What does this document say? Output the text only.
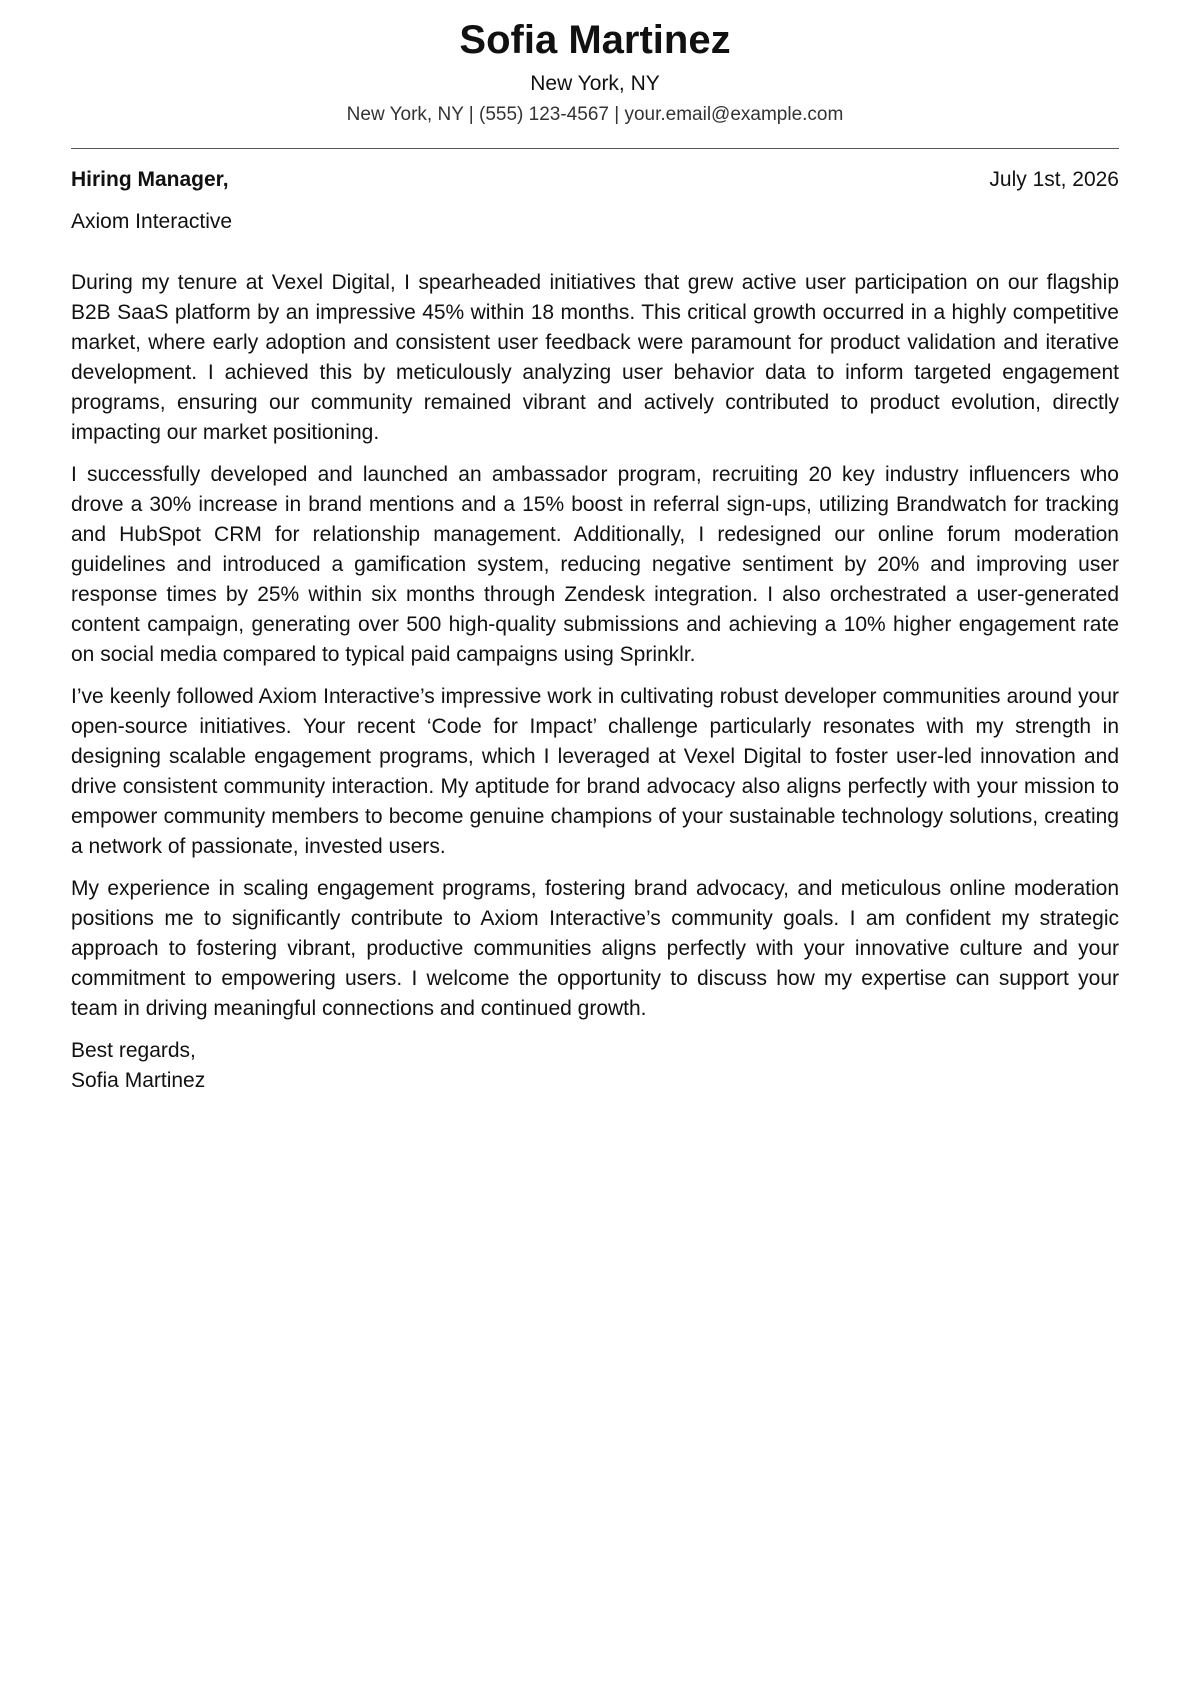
Sofia Martinez
New York, NY
New York, NY | (555) 123-4567 | your.email@example.com
Hiring Manager,	July 1st, 2026
Axiom Interactive

During my tenure at Vexel Digital, I spearheaded initiatives that grew active user participation on our flagship B2B SaaS platform by an impressive 45% within 18 months. This critical growth occurred in a highly competitive market, where early adoption and consistent user feedback were paramount for product validation and iterative development. I achieved this by meticulously analyzing user behavior data to inform targeted engagement programs, ensuring our community remained vibrant and actively contributed to product evolution, directly impacting our market positioning.

I successfully developed and launched an ambassador program, recruiting 20 key industry influencers who drove a 30% increase in brand mentions and a 15% boost in referral sign-ups, utilizing Brandwatch for tracking and HubSpot CRM for relationship management. Additionally, I redesigned our online forum moderation guidelines and introduced a gamification system, reducing negative sentiment by 20% and improving user response times by 25% within six months through Zendesk integration. I also orchestrated a user-generated content campaign, generating over 500 high-quality submissions and achieving a 10% higher engagement rate on social media compared to typical paid campaigns using Sprinklr.

I’ve keenly followed Axiom Interactive’s impressive work in cultivating robust developer communities around your open-source initiatives. Your recent ‘Code for Impact’ challenge particularly resonates with my strength in designing scalable engagement programs, which I leveraged at Vexel Digital to foster user-led innovation and drive consistent community interaction. My aptitude for brand advocacy also aligns perfectly with your mission to empower community members to become genuine champions of your sustainable technology solutions, creating a network of passionate, invested users.

My experience in scaling engagement programs, fostering brand advocacy, and meticulous online moderation positions me to significantly contribute to Axiom Interactive’s community goals. I am confident my strategic approach to fostering vibrant, productive communities aligns perfectly with your innovative culture and your commitment to empowering users. I welcome the opportunity to discuss how my expertise can support your team in driving meaningful connections and continued growth.

Best regards,
Sofia Martinez
